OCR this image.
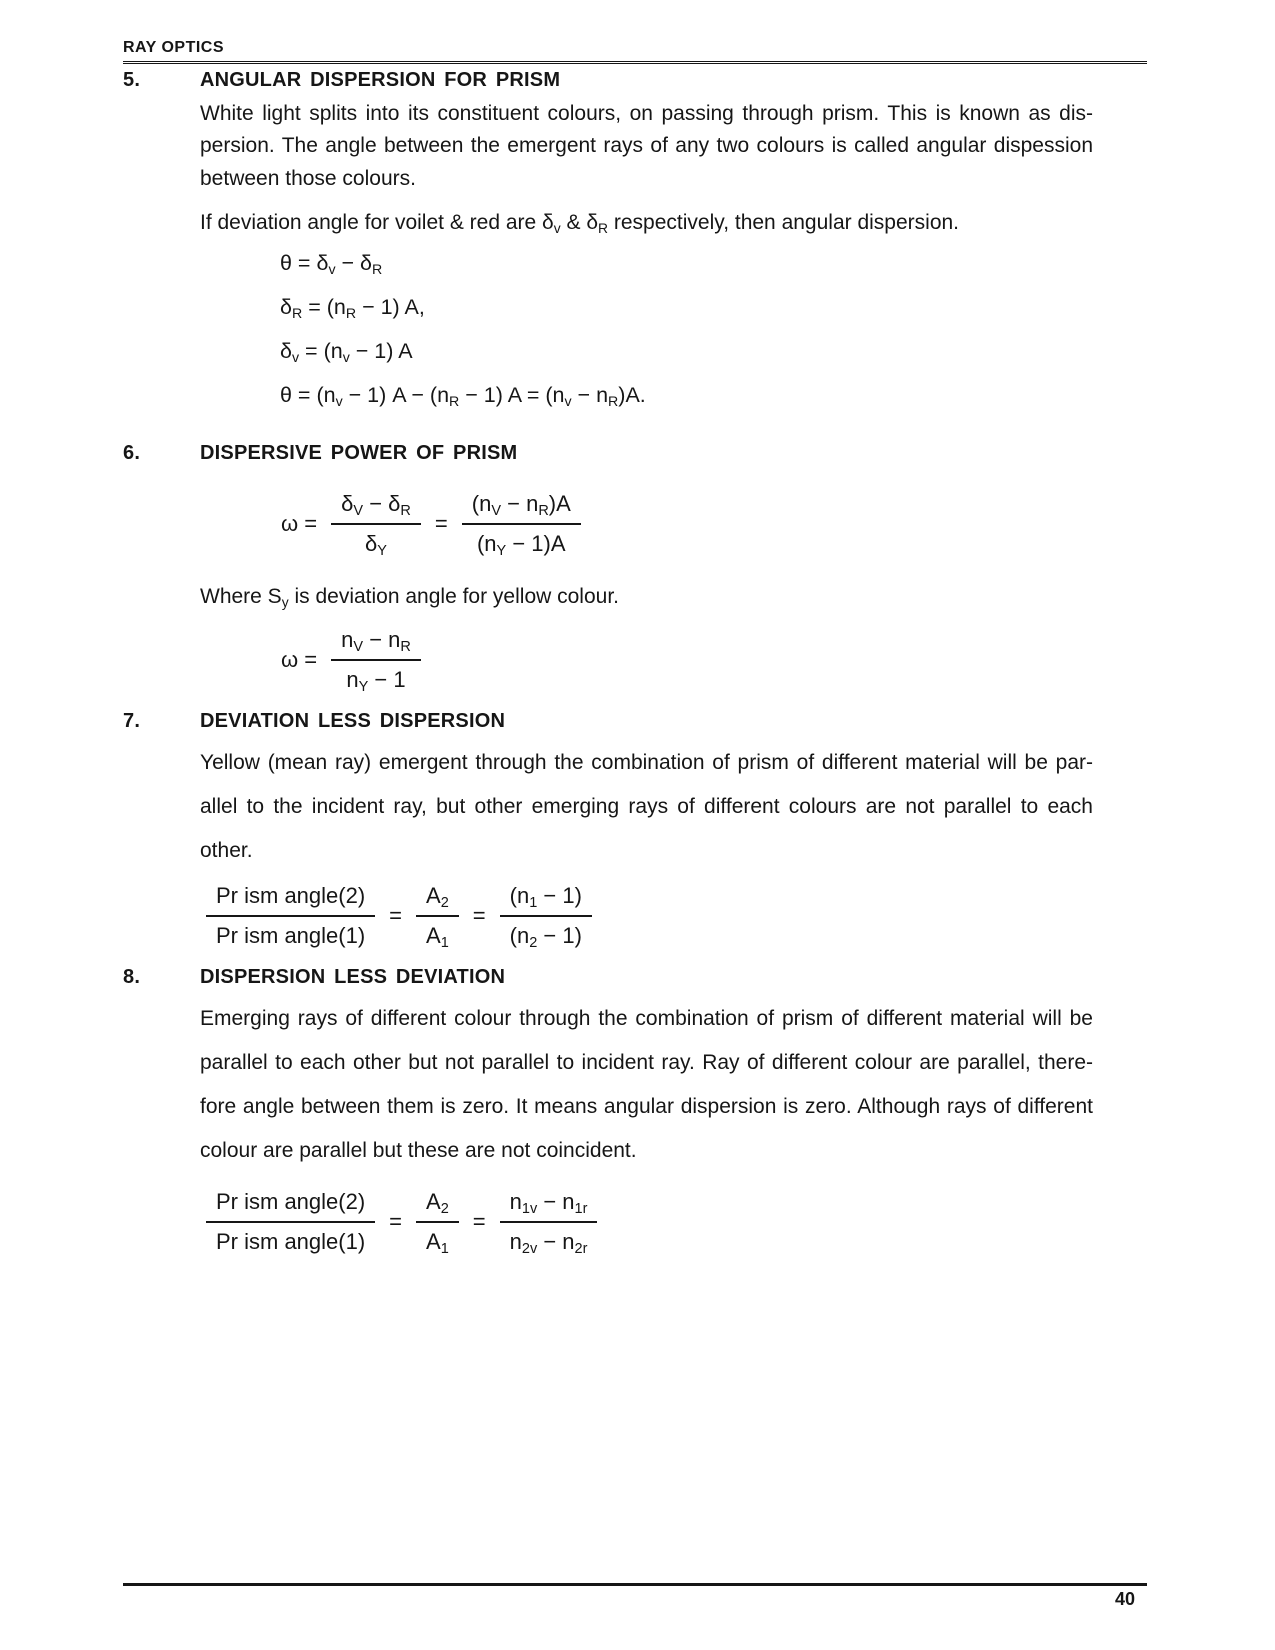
RAY OPTICS
5.	ANGULAR DISPERSION FOR PRISM
White light splits into its constituent colours, on passing through prism. This is known as dis-
persion. The angle between the emergent rays of any two colours is called angular dispession
between those colours.
If deviation angle for voilet & red are $\delta_v$ & $\delta_R$ respectively, then angular dispersion.
$\theta = \delta_v - \delta_R$
$\delta_R = (n_R - 1)$ A,
$\delta_v = (n_v - 1)$ A
$\theta = (n_v - 1) A - (n_R - 1) A = (n_v - n_R)A$.
6.	DISPERSIVE POWER OF PRISM
$\omega = \frac{\delta_V - \delta_R}{\delta_Y} = \frac{(n_V - n_R)A}{(n_Y - 1)A}$
Where $S_y$ is deviation angle for yellow colour.
$\omega = \frac{n_V - n_R}{n_Y - 1}$
7.	DEVIATION LESS DISPERSION
Yellow (mean ray) emergent through the combination of prism of different material will be par-
allel to the incident ray, but other emerging rays of different colours are not parallel to each
other.
$\frac{\text{Pr ism angle(2)}}{\text{Pr ism angle(1)}} = \frac{A_2}{A_1} = \frac{(n_1 - 1)}{(n_2 - 1)}$
8.	DISPERSION LESS DEVIATION
Emerging rays of different colour through the combination of prism of different material will be
parallel to each other but not parallel to incident ray. Ray of different colour are parallel, there-
fore angle between them is zero. It means angular dispersion is zero. Although rays of different
colour are parallel but these are not coincident.
$\frac{\text{Pr ism angle(2)}}{\text{Pr ism angle(1)}} = \frac{A_2}{A_1} = \frac{n_{1v} - n_{1r}}{n_{2v} - n_{2r}}$
40
